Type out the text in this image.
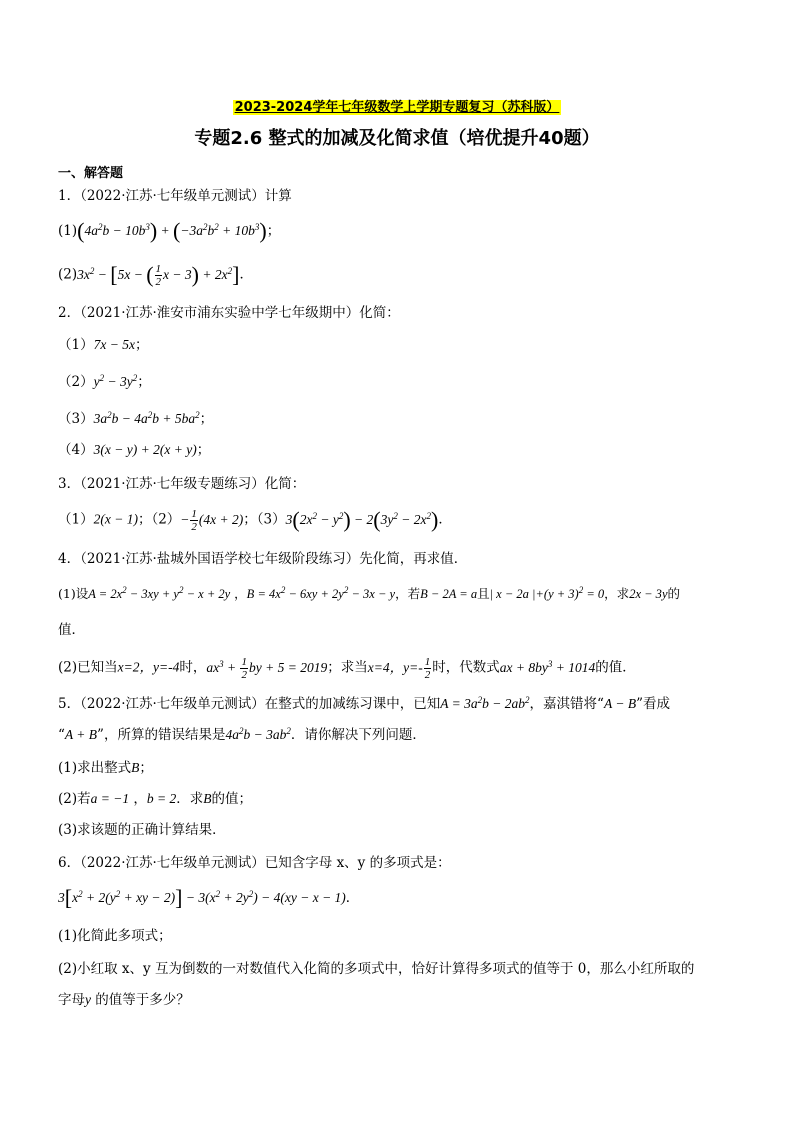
2023-2024学年七年级数学上学期专题复习（苏科版）
专题2.6 整式的加减及化简求值（培优提升40题）
一、解答题
1．（2022·江苏·七年级单元测试）计算
$(1)(4a^2b - 10b^3) + (-3a^2b^2 + 10b^3)$；
$(2)3x^2 - [5x$ − ( $\frac{1}{2}$ $x - 3) + 2x^2$]．
2．（2021·江苏·淮安市浦东实验中学七年级期中）化简：
（1）7x − 5x；
$(2)y^2 - 3y^2$；
$(3)3a^2b - 4a^2b + 5ba^2$；
（4）3(x − y) + 2(x + y)；
3．（2021·江苏·七年级专题练习）化简：
（1）2(x − 1)；$(2)- \frac{1}{2} (4x + 2)$；$(3)3(2x^2 - y^2) - 2(3y^2 - 2x^2)$．
4．（2021·江苏·盐城外国语学校七年级阶段练习）先化简，再求值．
(1)设$A = 2x^2 - 3xy + y^2 - x + 2y$ ，$B = 4x^2 - 6xy + 2y^2 - 3x - y$，若B − 2A = a且| x − 2a $|+(y + 3)^2 = 0$，求2x − 3y的
值．
(2)已知当x=2，y=-4时，$ax^3 + \frac{1}{2}$ by + 5 = 2019；求当x=4，$y=- \frac{1}{2}$ 时，代数式ax + $8by^3 + 1014$的值．
5．（2022·江苏·七年级单元测试）在整式的加减练习课中，已知$A = 3a^2b - 2ab^2$，嘉淇错将“A − B”看成
“A + B”，所算的错误结果是$4a^2b - 3ab^2$．请你解决下列问题．
(1)求出整式B；
(2)若a = −1 ，b = 2．求B的值；
(3)求该题的正确计算结果．
6．（2022·江苏·七年级单元测试）已知含字母 x、y 的多项式是：
$3[x^2 + 2(y^2$ + xy − $2)] - 3(x^2 + 2y^2) - 4(xy - x - 1)$．
(1)化简此多项式；
(2)小红取 x、y 互为倒数的一对数值代入化简的多项式中，恰好计算得多项式的值等于 0，那么小红所取的
字母y 的值等于多少？
